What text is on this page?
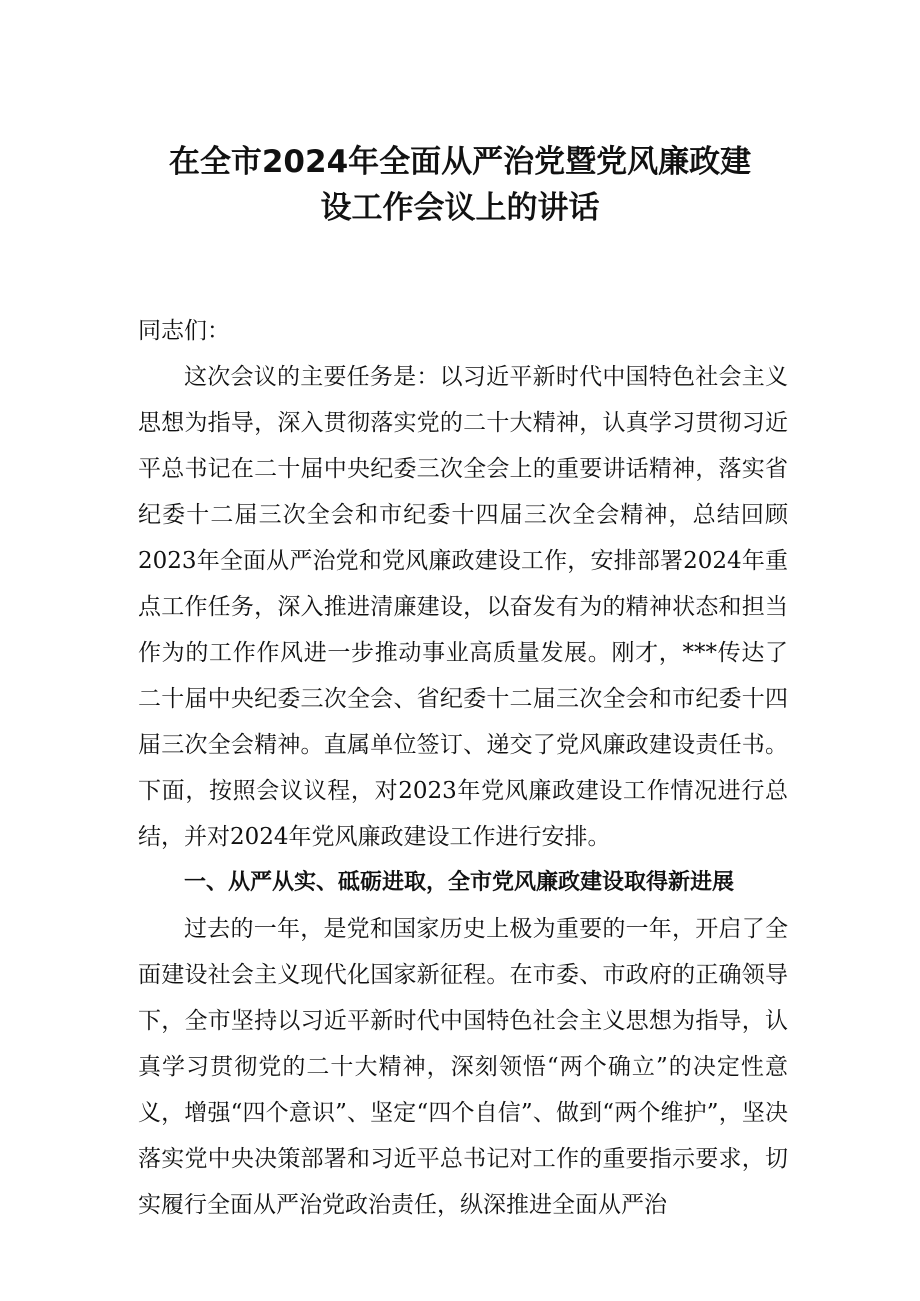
在全市2024年全面从严治党暨党风廉政建
设工作会议上的讲话

同志们：

这次会议的主要任务是：以习近平新时代中国特色社会主义思想为指导，深入贯彻落实党的二十大精神，认真学习贯彻习近平总书记在二十届中央纪委三次全会上的重要讲话精神，落实省纪委十二届三次全会和市纪委十四届三次全会精神，总结回顾2023年全面从严治党和党风廉政建设工作，安排部署2024年重点工作任务，深入推进清廉建设，以奋发有为的精神状态和担当作为的工作作风进一步推动事业高质量发展。刚才，***传达了二十届中央纪委三次全会、省纪委十二届三次全会和市纪委十四届三次全会精神。直属单位签订、递交了党风廉政建设责任书。下面，按照会议议程，对2023年党风廉政建设工作情况进行总结，并对2024年党风廉政建设工作进行安排。

一、从严从实、砥砺进取，全市党风廉政建设取得新进展

过去的一年，是党和国家历史上极为重要的一年，开启了全面建设社会主义现代化国家新征程。在市委、市政府的正确领导下，全市坚持以习近平新时代中国特色社会主义思想为指导，认真学习贯彻党的二十大精神，深刻领悟“两个确立”的决定性意义，增强“四个意识”、坚定“四个自信”、做到“两个维护”，坚决落实党中央决策部署和习近平总书记对工作的重要指示要求，切实履行全面从严治党政治责任，纵深推进全面从严治
